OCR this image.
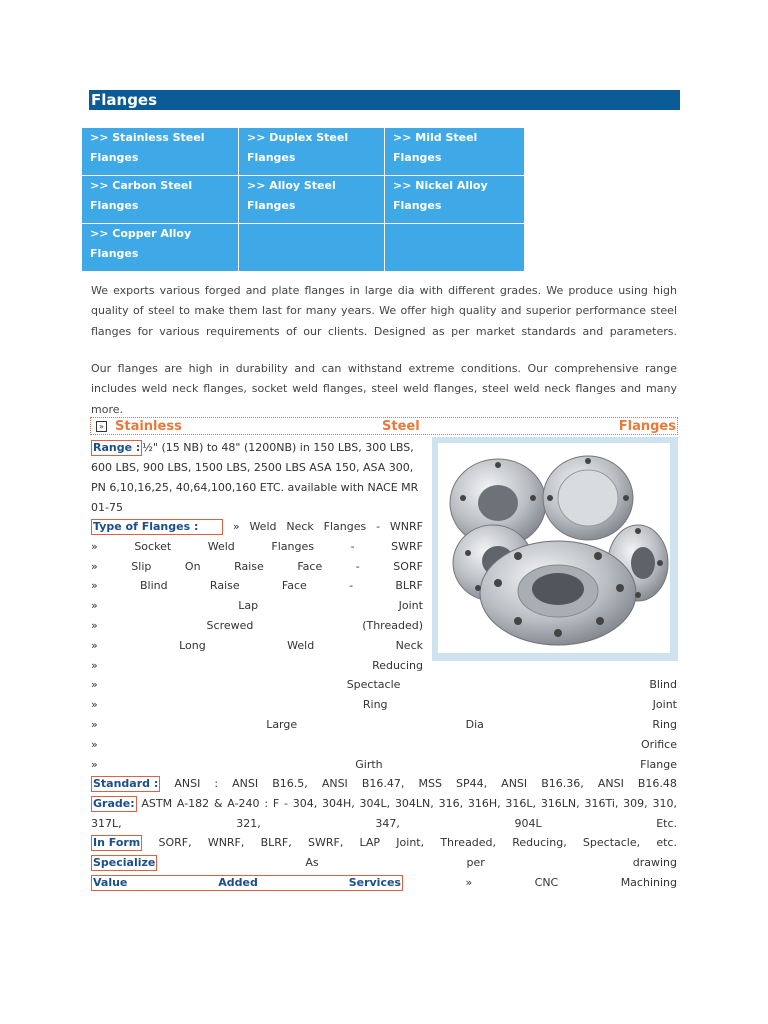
Flanges
>> Stainless Steel Flanges	>> Duplex Steel Flanges	>> Mild Steel Flanges
>> Carbon Steel Flanges	>> Alloy Steel Flanges	>> Nickel Alloy Flanges
>> Copper Alloy Flanges		
We exports various forged and plate flanges in large dia with different grades. We produce using high quality of steel to make them last for many years. We offer high quality and superior performance steel flanges for various requirements of our clients. Designed as per market standards and parameters.
Our flanges are high in durability and can withstand extreme conditions. Our comprehensive range includes weld neck flanges, socket weld flanges, steel weld flanges, steel weld neck flanges and many more.
» Stainless	Steel	Flanges
Range : ½" (15 NB) to 48" (1200NB) in 150 LBS, 300 LBS,
600 LBS, 900 LBS, 1500 LBS, 2500 LBS ASA 150, ASA 300,
PN 6,10,16,25, 40,64,100,160 ETC. available with NACE MR
01-75
Type of Flanges :	» Weld Neck Flanges - WNRF
»	Socket	Weld	Flanges	-	SWRF
»	Slip	On	Raise	Face	-	SORF
»	Blind	Raise	Face	-	BLRF
»	Lap	Joint
»	Screwed	(Threaded)
»	Long	Weld	Neck
»	Reducing
»	Spectacle	Blind
»	Ring	Joint
»	Large	Dia	Ring
»	Orifice
»	Girth	Flange
Standard : ANSI : ANSI B16.5, ANSI B16.47, MSS SP44, ANSI B16.36, ANSI B16.48
Grade: ASTM A-182 & A-240 : F - 304, 304H, 304L, 304LN, 316, 316H, 316L, 316LN, 316Ti, 309, 310,
317L,	321,	347,	904L	Etc.
In Form SORF, WNRF, BLRF, SWRF, LAP Joint, Threaded, Reducing, Spectacle, etc.
Specialize	As	per	drawing
Value	Added	Services	»	CNC	Machining
